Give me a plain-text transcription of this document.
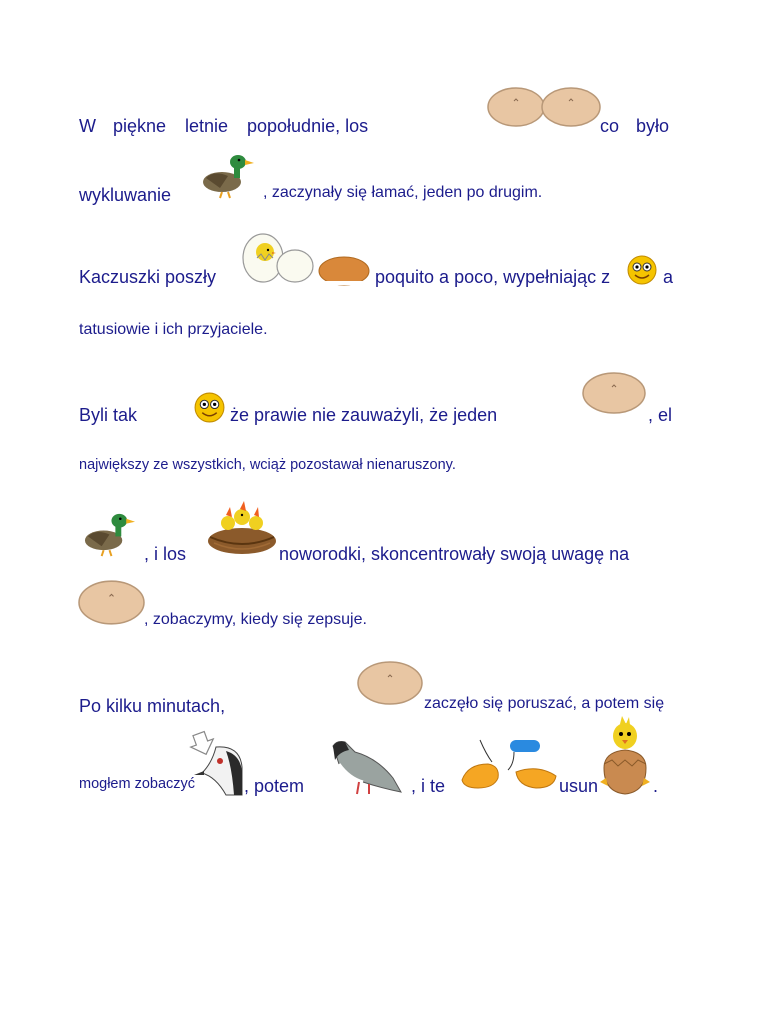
W piękne letnie popołudnie, los	co było
wykluwanie	, zaczynały się łamać, jeden po drugim.
Kaczuszki poszły	poquito a poco, wypełniając z	a
tatusiowie i ich przyjaciele.
Byli tak	że prawie nie zauważyli, że jeden	, el
największy ze wszystkich, wciąż pozostawał nienaruszony.
, i los	noworodki, skoncentrowały swoją uwagę na
, zobaczymy, kiedy się zepsuje.
Po kilku minutach,	zaczęło się poruszać, a potem się
mogłem zobaczyć	, potem	, i te	usun	.
